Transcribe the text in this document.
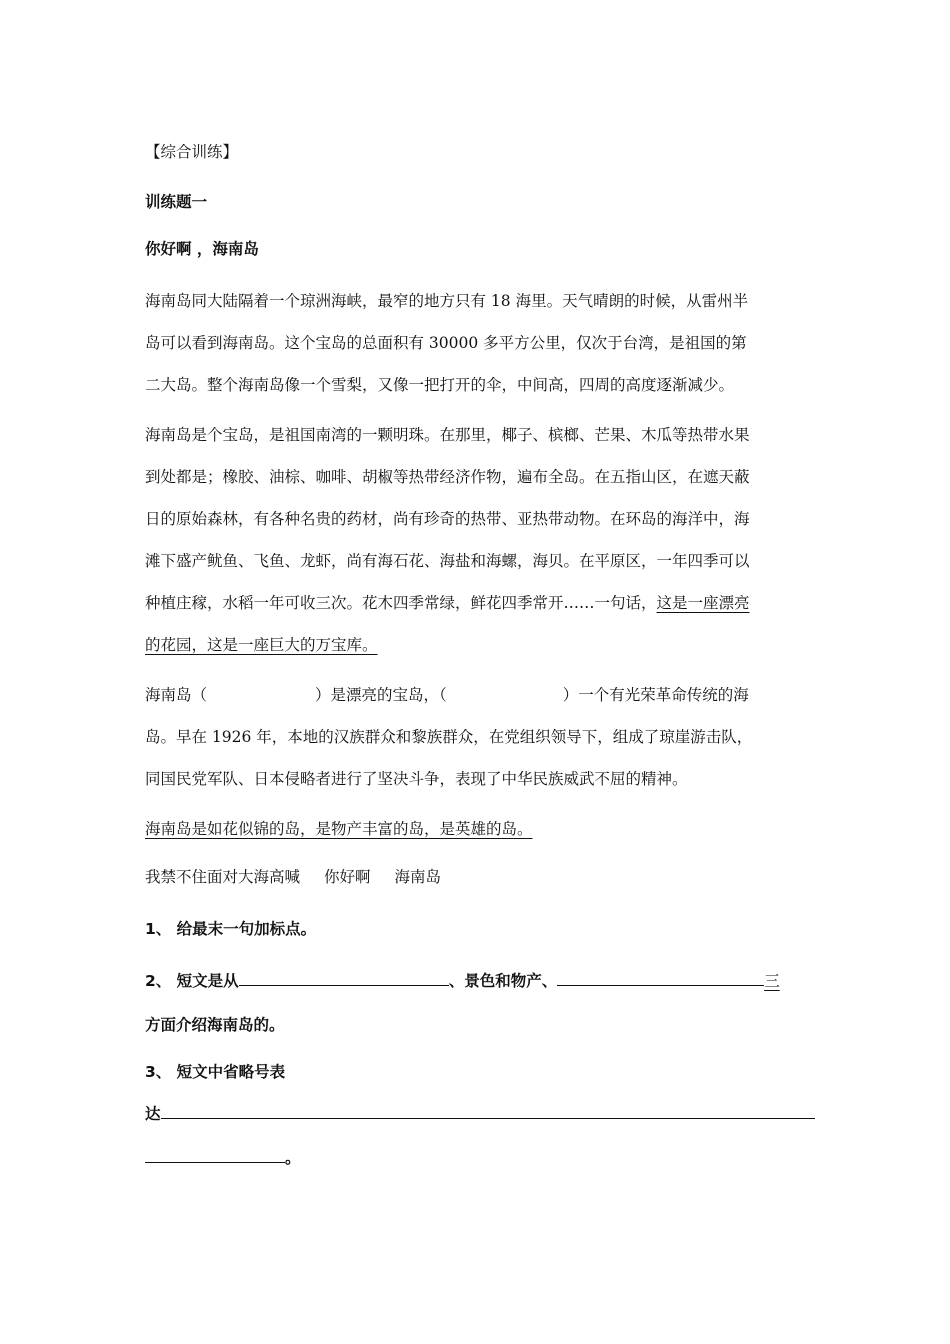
【综合训练】
训练题一
你好啊 ，海南岛
海南岛同大陆隔着一个琼洲海峡，最窄的地方只有 18 海里。天气晴朗的时候，从雷州半
岛可以看到海南岛。这个宝岛的总面积有 30000 多平方公里，仅次于台湾，是祖国的第
二大岛。整个海南岛像一个雪梨，又像一把打开的伞，中间高，四周的高度逐渐减少。
海南岛是个宝岛，是祖国南湾的一颗明珠。在那里，椰子、槟榔、芒果、木瓜等热带水果
到处都是；橡胶、油棕、咖啡、胡椒等热带经济作物，遍布全岛。在五指山区，在遮天蔽
日的原始森林，有各种名贵的药材，尚有珍奇的热带、亚热带动物。在环岛的海洋中，海
滩下盛产鱿鱼、飞鱼、龙虾，尚有海石花、海盐和海螺，海贝。在平原区，一年四季可以
种植庄稼，水稻一年可收三次。花木四季常绿，鲜花四季常开……一句话，这是一座漂亮
的花园，这是一座巨大的万宝库。
海南岛（	）是漂亮的宝岛，（	）一个有光荣革命传统的海
岛。早在 1926 年，本地的汉族群众和黎族群众，在党组织领导下，组成了琼崖游击队，
同国民党军队、日本侵略者进行了坚决斗争，表现了中华民族威武不屈的精神。
海南岛是如花似锦的岛，是物产丰富的岛，是英雄的岛。
我禁不住面对大海高喊 你好啊 海南岛
1、 给最末一句加标点。
2、 短文是从	、景色和物产、	三
方面介绍海南岛的。
3、 短文中省略号表
达
。
